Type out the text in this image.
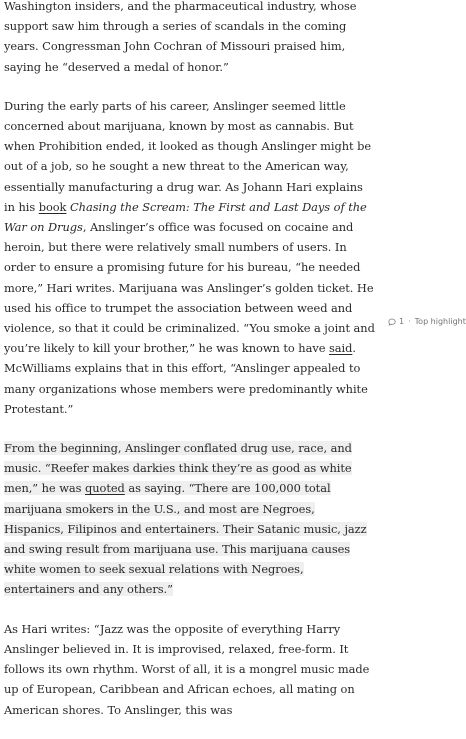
Washington insiders, and the pharmaceutical industry, whose support saw him through a series of scandals in the coming years. Congressman John Cochran of Missouri praised him, saying he “deserved a medal of honor.”

During the early parts of his career, Anslinger seemed little concerned about marijuana, known by most as cannabis. But when Prohibition ended, it looked as though Anslinger might be out of a job, so he sought a new threat to the American way, essentially manufacturing a drug war. As Johann Hari explains in his book Chasing the Scream: The First and Last Days of the War on Drugs, Anslinger’s office was focused on cocaine and heroin, but there were relatively small numbers of users. In order to ensure a promising future for his bureau, “he needed more,” Hari writes. Marijuana was Anslinger’s golden ticket. He used his office to trumpet the association between weed and violence, so that it could be criminalized. “You smoke a joint and you’re likely to kill your brother,” he was known to have said. McWilliams explains that in this effort, “Anslinger appealed to many organizations whose members were predominantly white Protestant.”

From the beginning, Anslinger conflated drug use, race, and music. “Reefer makes darkies think they’re as good as white men,” he was quoted as saying. “There are 100,000 total marijuana smokers in the U.S., and most are Negroes, Hispanics, Filipinos and entertainers. Their Satanic music, jazz and swing result from marijuana use. This marijuana causes white women to seek sexual relations with Negroes, entertainers and any others.”

As Hari writes: “Jazz was the opposite of everything Harry Anslinger believed in. It is improvised, relaxed, free-form. It follows its own rhythm. Worst of all, it is a mongrel music made up of European, Caribbean and African echoes, all mating on American shores. To Anslinger, this was

1 · Top highlight
